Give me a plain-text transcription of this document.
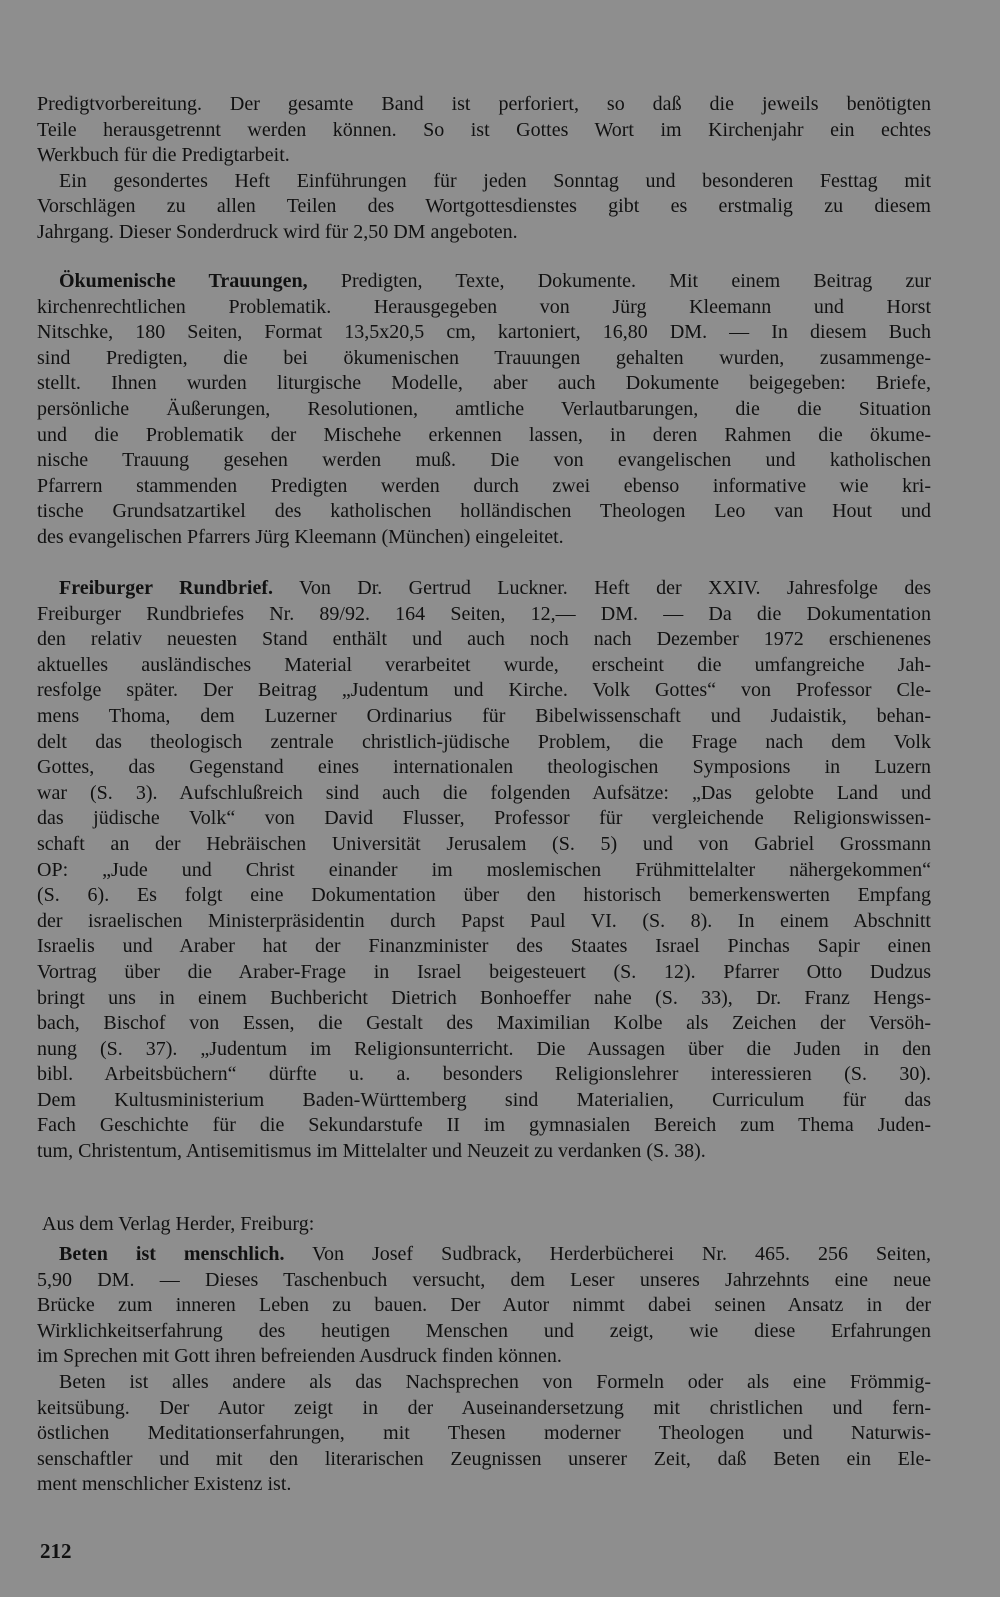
Predigtvorbereitung. Der gesamte Band ist perforiert, so daß die jeweils benötigten
Teile herausgetrennt werden können. So ist Gottes Wort im Kirchenjahr ein echtes
Werkbuch für die Predigtarbeit.
Ein gesondertes Heft Einführungen für jeden Sonntag und besonderen Festtag mit
Vorschlägen zu allen Teilen des Wortgottesdienstes gibt es erstmalig zu diesem
Jahrgang. Dieser Sonderdruck wird für 2,50 DM angeboten.
Ökumenische Trauungen, Predigten, Texte, Dokumente. Mit einem Beitrag zur
kirchenrechtlichen Problematik. Herausgegeben von Jürg Kleemann und Horst
Nitschke, 180 Seiten, Format 13,5x20,5 cm, kartoniert, 16,80 DM. — In diesem Buch
sind Predigten, die bei ökumenischen Trauungen gehalten wurden, zusammenge-
stellt. Ihnen wurden liturgische Modelle, aber auch Dokumente beigegeben: Briefe,
persönliche Äußerungen, Resolutionen, amtliche Verlautbarungen, die die Situation
und die Problematik der Mischehe erkennen lassen, in deren Rahmen die ökume-
nische Trauung gesehen werden muß. Die von evangelischen und katholischen
Pfarrern stammenden Predigten werden durch zwei ebenso informative wie kri-
tische Grundsatzartikel des katholischen holländischen Theologen Leo van Hout und
des evangelischen Pfarrers Jürg Kleemann (München) eingeleitet.
Freiburger Rundbrief. Von Dr. Gertrud Luckner. Heft der XXIV. Jahresfolge des
Freiburger Rundbriefes Nr. 89/92. 164 Seiten, 12,— DM. — Da die Dokumentation
den relativ neuesten Stand enthält und auch noch nach Dezember 1972 erschienenes
aktuelles ausländisches Material verarbeitet wurde, erscheint die umfangreiche Jah-
resfolge später. Der Beitrag „Judentum und Kirche. Volk Gottes“ von Professor Cle-
mens Thoma, dem Luzerner Ordinarius für Bibelwissenschaft und Judaistik, behan-
delt das theologisch zentrale christlich-jüdische Problem, die Frage nach dem Volk
Gottes, das Gegenstand eines internationalen theologischen Symposions in Luzern
war (S. 3). Aufschlußreich sind auch die folgenden Aufsätze: „Das gelobte Land und
das jüdische Volk“ von David Flusser, Professor für vergleichende Religionswissen-
schaft an der Hebräischen Universität Jerusalem (S. 5) und von Gabriel Grossmann
OP: „Jude und Christ einander im moslemischen Frühmittelalter nähergekommen“
(S. 6). Es folgt eine Dokumentation über den historisch bemerkenswerten Empfang
der israelischen Ministerpräsidentin durch Papst Paul VI. (S. 8). In einem Abschnitt
Israelis und Araber hat der Finanzminister des Staates Israel Pinchas Sapir einen
Vortrag über die Araber-Frage in Israel beigesteuert (S. 12). Pfarrer Otto Dudzus
bringt uns in einem Buchbericht Dietrich Bonhoeffer nahe (S. 33), Dr. Franz Hengs-
bach, Bischof von Essen, die Gestalt des Maximilian Kolbe als Zeichen der Versöh-
nung (S. 37). „Judentum im Religionsunterricht. Die Aussagen über die Juden in den
bibl. Arbeitsbüchern“ dürfte u. a. besonders Religionslehrer interessieren (S. 30).
Dem Kultusministerium Baden-Württemberg sind Materialien, Curriculum für das
Fach Geschichte für die Sekundarstufe II im gymnasialen Bereich zum Thema Juden-
tum, Christentum, Antisemitismus im Mittelalter und Neuzeit zu verdanken (S. 38).
Aus dem Verlag Herder, Freiburg:
Beten ist menschlich. Von Josef Sudbrack, Herderbücherei Nr. 465. 256 Seiten,
5,90 DM. — Dieses Taschenbuch versucht, dem Leser unseres Jahrzehnts eine neue
Brücke zum inneren Leben zu bauen. Der Autor nimmt dabei seinen Ansatz in der
Wirklichkeitserfahrung des heutigen Menschen und zeigt, wie diese Erfahrungen
im Sprechen mit Gott ihren befreienden Ausdruck finden können.
Beten ist alles andere als das Nachsprechen von Formeln oder als eine Frömmig-
keitsübung. Der Autor zeigt in der Auseinandersetzung mit christlichen und fern-
östlichen Meditationserfahrungen, mit Thesen moderner Theologen und Naturwis-
senschaftler und mit den literarischen Zeugnissen unserer Zeit, daß Beten ein Ele-
ment menschlicher Existenz ist.
212
